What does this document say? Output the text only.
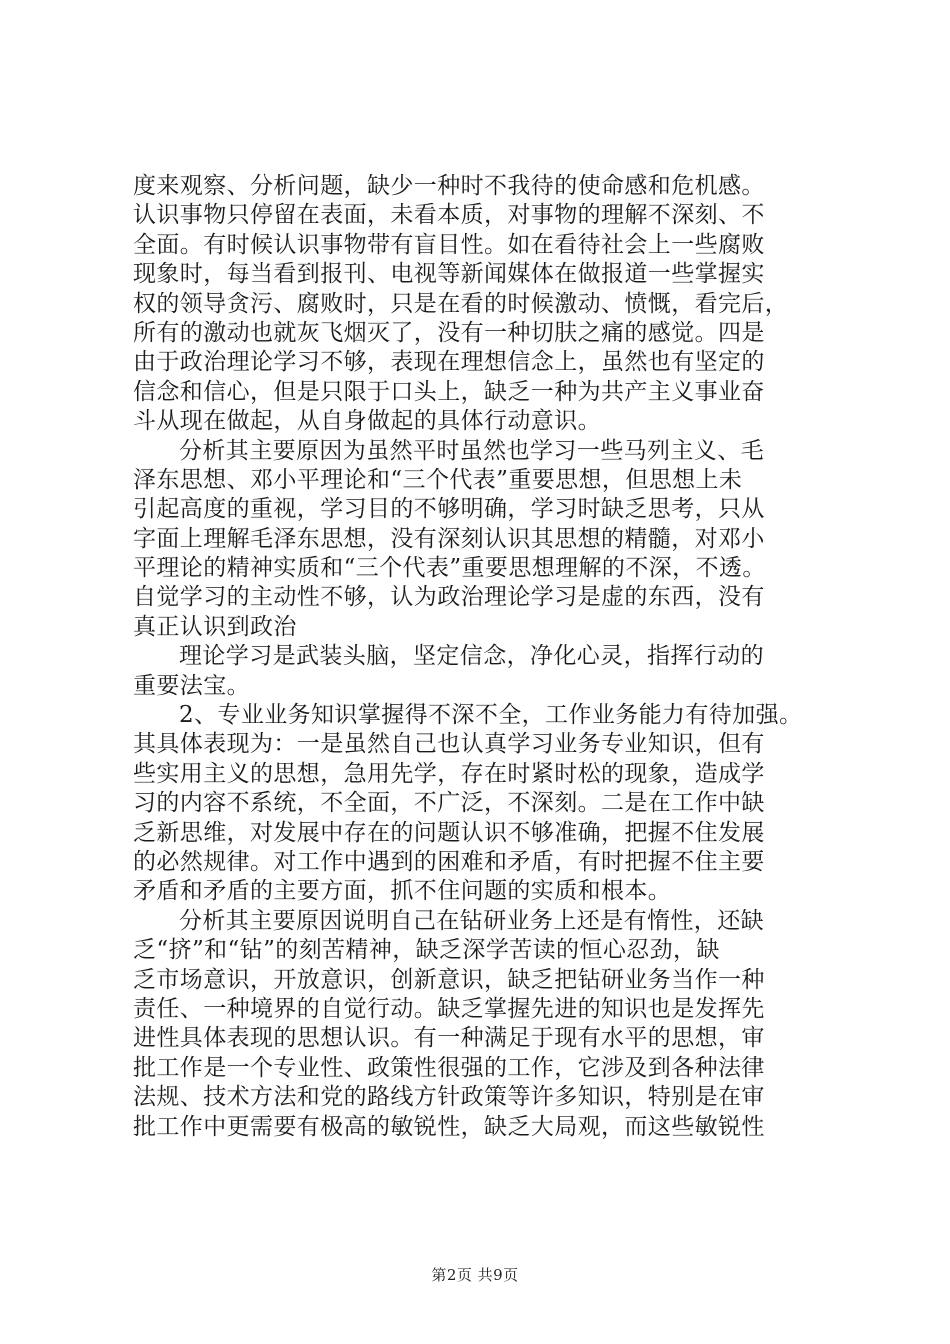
度来观察、分析问题，缺少一种时不我待的使命感和危机感。
认识事物只停留在表面，未看本质，对事物的理解不深刻、不
全面。有时候认识事物带有盲目性。如在看待社会上一些腐败
现象时，每当看到报刊、电视等新闻媒体在做报道一些掌握实
权的领导贪污、腐败时，只是在看的时候激动、愤慨，看完后，
所有的激动也就灰飞烟灭了，没有一种切肤之痛的感觉。四是
由于政治理论学习不够，表现在理想信念上，虽然也有坚定的
信念和信心，但是只限于口头上，缺乏一种为共产主义事业奋
斗从现在做起，从自身做起的具体行动意识。
分析其主要原因为虽然平时虽然也学习一些马列主义、毛
泽东思想、邓小平理论和“三个代表”重要思想，但思想上未
引起高度的重视，学习目的不够明确，学习时缺乏思考，只从
字面上理解毛泽东思想，没有深刻认识其思想的精髓，对邓小
平理论的精神实质和“三个代表”重要思想理解的不深，不透。
自觉学习的主动性不够，认为政治理论学习是虚的东西，没有
真正认识到政治
理论学习是武装头脑，坚定信念，净化心灵，指挥行动的
重要法宝。
2、专业业务知识掌握得不深不全，工作业务能力有待加强。
其具体表现为：一是虽然自己也认真学习业务专业知识，但有
些实用主义的思想，急用先学，存在时紧时松的现象，造成学
习的内容不系统，不全面，不广泛，不深刻。二是在工作中缺
乏新思维，对发展中存在的问题认识不够准确，把握不住发展
的必然规律。对工作中遇到的困难和矛盾，有时把握不住主要
矛盾和矛盾的主要方面，抓不住问题的实质和根本。
分析其主要原因说明自己在钻研业务上还是有惰性，还缺
乏“挤”和“钻”的刻苦精神，缺乏深学苦读的恒心忍劲，缺
乏市场意识，开放意识，创新意识，缺乏把钻研业务当作一种
责任、一种境界的自觉行动。缺乏掌握先进的知识也是发挥先
进性具体表现的思想认识。有一种满足于现有水平的思想，审
批工作是一个专业性、政策性很强的工作，它涉及到各种法律
法规、技术方法和党的路线方针政策等许多知识，特别是在审
批工作中更需要有极高的敏锐性，缺乏大局观，而这些敏锐性
第2页 共9页
